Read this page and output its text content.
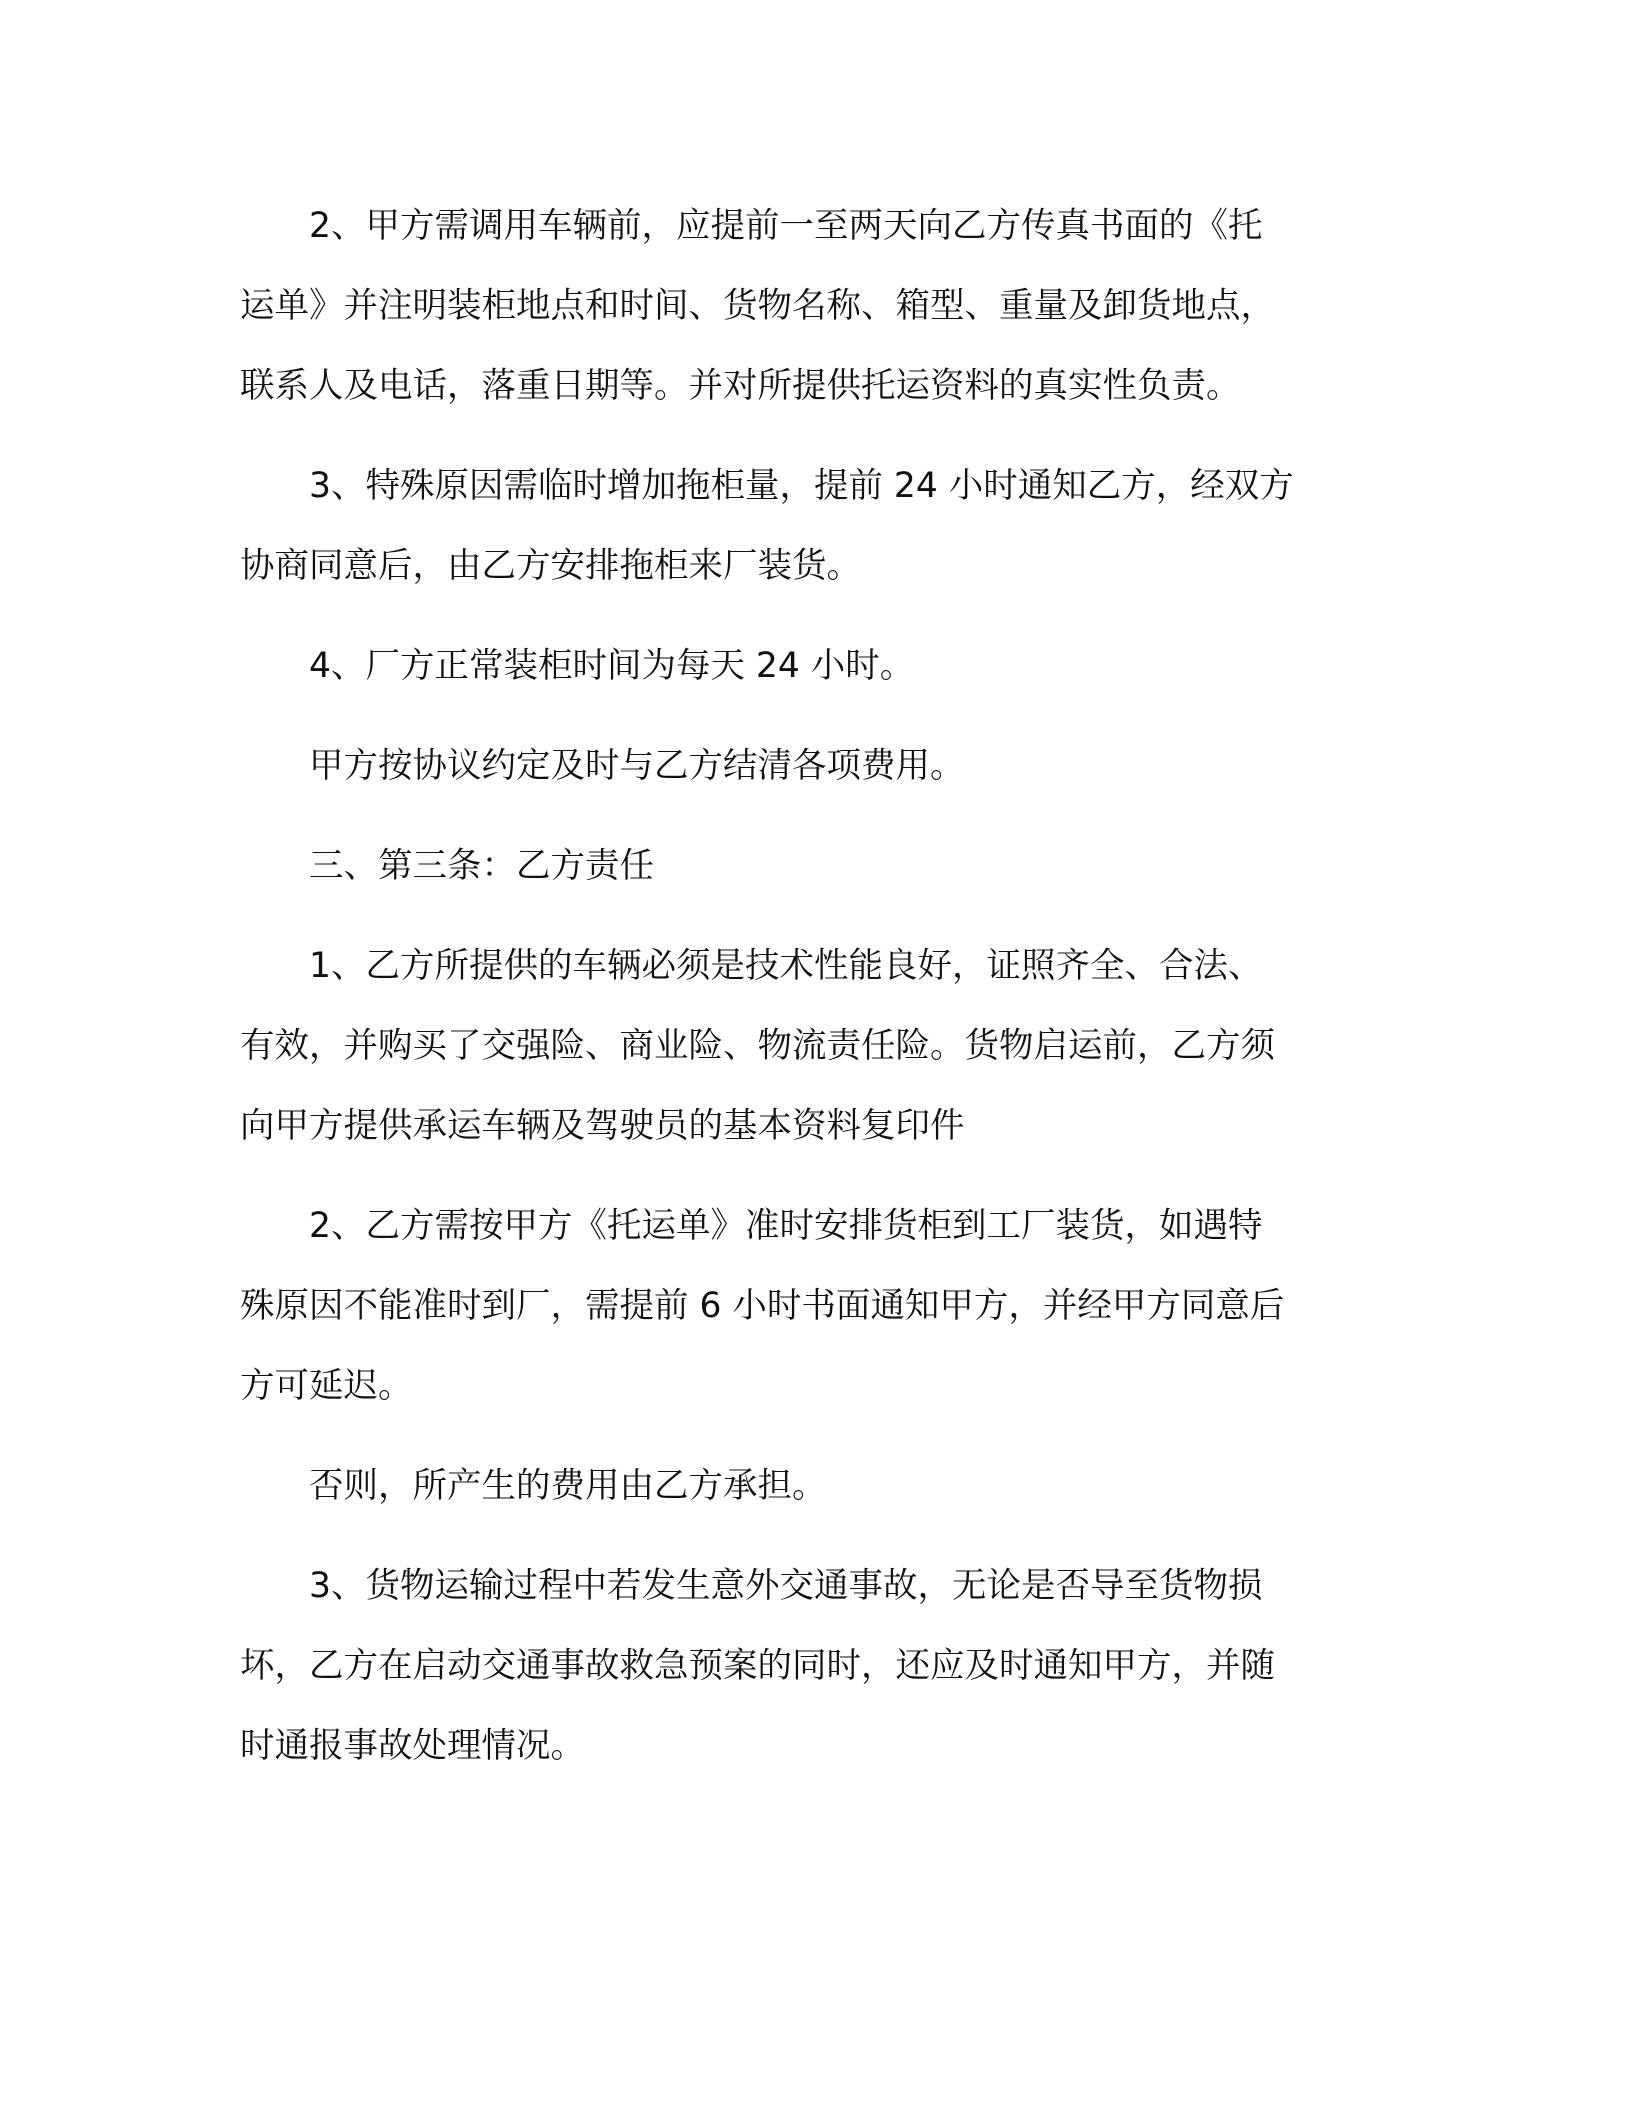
2、甲方需调用车辆前，应提前一至两天向乙方传真书面的《托
运单》并注明装柜地点和时间、货物名称、箱型、重量及卸货地点，
联系人及电话，落重日期等。并对所提供托运资料的真实性负责。
3、特殊原因需临时增加拖柜量，提前 24 小时通知乙方，经双方
协商同意后，由乙方安排拖柜来厂装货。
4、厂方正常装柜时间为每天 24 小时。
甲方按协议约定及时与乙方结清各项费用。
三、第三条：乙方责任
1、乙方所提供的车辆必须是技术性能良好，证照齐全、合法、
有效，并购买了交强险、商业险、物流责任险。货物启运前，乙方须
向甲方提供承运车辆及驾驶员的基本资料复印件
2、乙方需按甲方《托运单》准时安排货柜到工厂装货，如遇特
殊原因不能准时到厂，需提前 6 小时书面通知甲方，并经甲方同意后
方可延迟。
否则，所产生的费用由乙方承担。
3、货物运输过程中若发生意外交通事故，无论是否导至货物损
坏，乙方在启动交通事故救急预案的同时，还应及时通知甲方，并随
时通报事故处理情况。
